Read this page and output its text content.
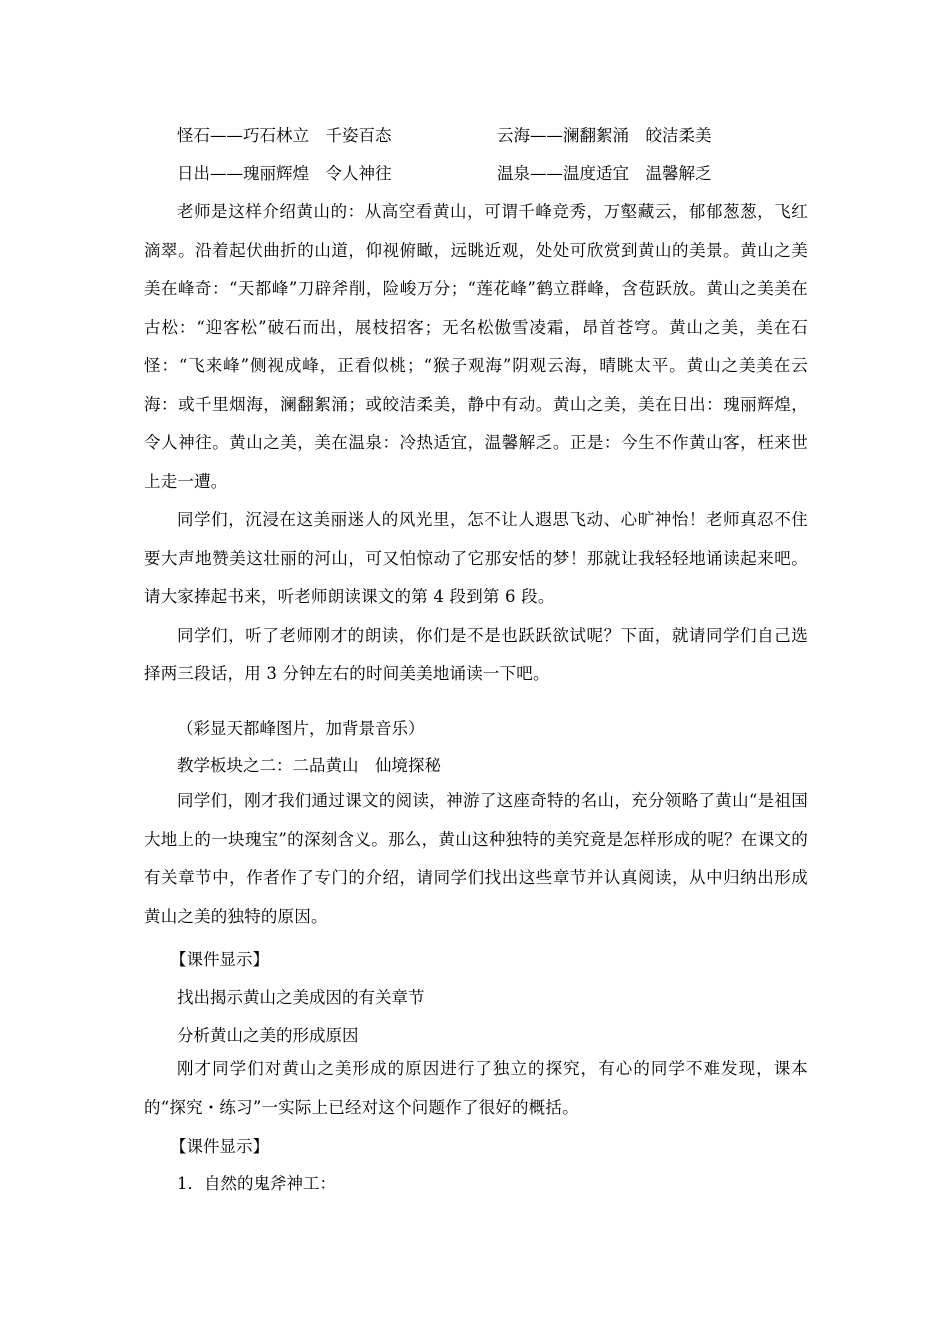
怪石——巧石林立　千姿百态	云海——澜翻絮涌　皎洁柔美
日出——瑰丽辉煌　令人神往	温泉——温度适宜　温馨解乏

老师是这样介绍黄山的：从高空看黄山，可谓千峰竞秀，万壑藏云，郁郁葱葱，飞红滴翠。沿着起伏曲折的山道，仰视俯瞰，远眺近观，处处可欣赏到黄山的美景。黄山之美美在峰奇：“天都峰”刀辟斧削，险峻万分；“莲花峰”鹤立群峰，含苞跃放。黄山之美美在古松：“迎客松”破石而出，展枝招客；无名松傲雪凌霜，昂首苍穹。黄山之美，美在石怪：“飞来峰”侧视成峰，正看似桃；“猴子观海”阴观云海，晴眺太平。黄山之美美在云海：或千里烟海，澜翻絮涌；或皎洁柔美，静中有动。黄山之美，美在日出：瑰丽辉煌，令人神往。黄山之美，美在温泉：冷热适宜，温馨解乏。正是：今生不作黄山客，枉来世上走一遭。

同学们，沉浸在这美丽迷人的风光里，怎不让人遐思飞动、心旷神怡！老师真忍不住要大声地赞美这壮丽的河山，可又怕惊动了它那安恬的梦！那就让我轻轻地诵读起来吧。请大家捧起书来，听老师朗读课文的第 4 段到第 6 段。

同学们，听了老师刚才的朗读，你们是不是也跃跃欲试呢？下面，就请同学们自己选择两三段话，用 3 分钟左右的时间美美地诵读一下吧。

（彩显天都峰图片，加背景音乐）

教学板块之二：二品黄山　仙境探秘

同学们，刚才我们通过课文的阅读，神游了这座奇特的名山，充分领略了黄山“是祖国大地上的一块瑰宝”的深刻含义。那么，黄山这种独特的美究竟是怎样形成的呢？在课文的有关章节中，作者作了专门的介绍，请同学们找出这些章节并认真阅读，从中归纳出形成黄山之美的独特的原因。

【课件显示】

找出揭示黄山之美成因的有关章节

分析黄山之美的形成原因

刚才同学们对黄山之美形成的原因进行了独立的探究，有心的同学不难发现，课本的“探究・练习”一实际上已经对这个问题作了很好的概括。

【课件显示】

1．自然的鬼斧神工：
